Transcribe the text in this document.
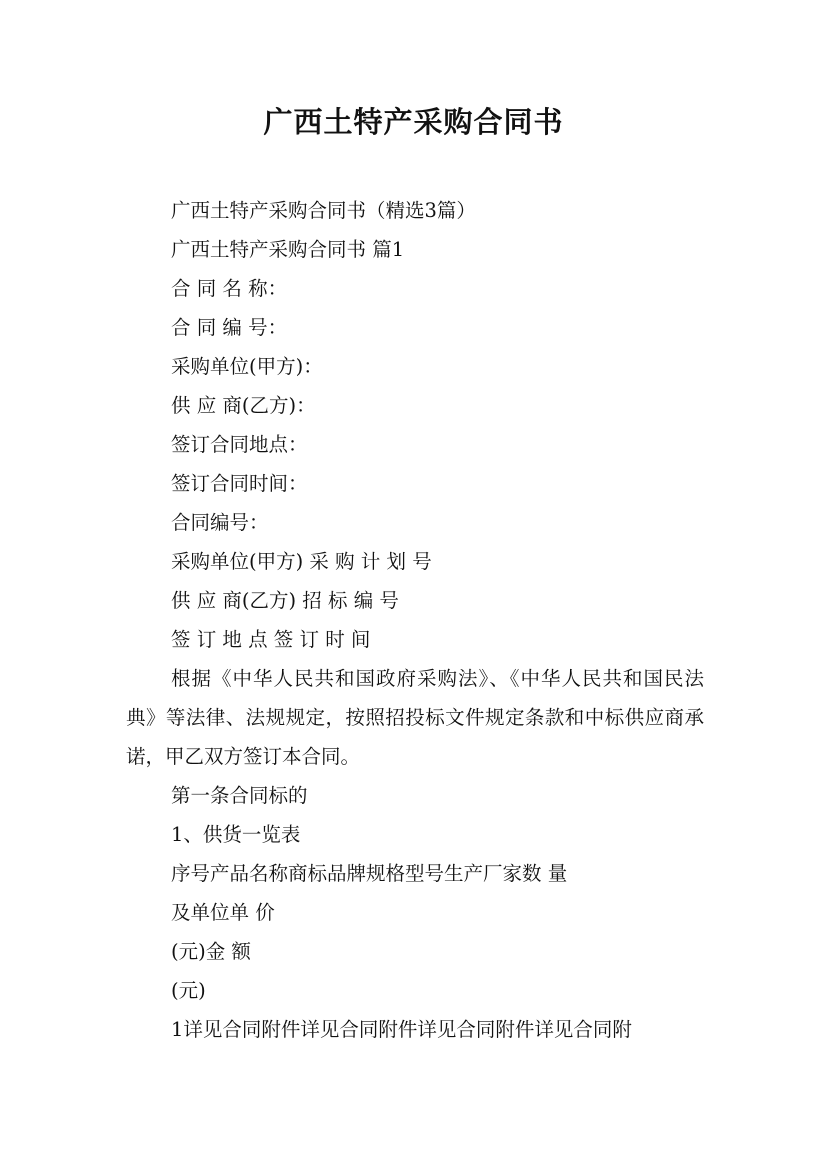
广西土特产采购合同书

广西土特产采购合同书（精选3篇）

广西土特产采购合同书 篇1

合 同 名 称：

合 同 编 号：

采购单位(甲方)：

供 应 商(乙方)：

签订合同地点：

签订合同时间：

合同编号：

采购单位(甲方) 采 购 计 划 号

供 应 商(乙方) 招 标 编 号

签 订 地 点 签 订 时 间

根据《中华人民共和国政府采购法》、《中华人民共和国民法典》等法律、法规规定，按照招投标文件规定条款和中标供应商承诺，甲乙双方签订本合同。

第一条合同标的

1、供货一览表

序号产品名称商标品牌规格型号生产厂家数 量

及单位单 价

(元)金 额

(元)

1详见合同附件详见合同附件详见合同附件详见合同附
